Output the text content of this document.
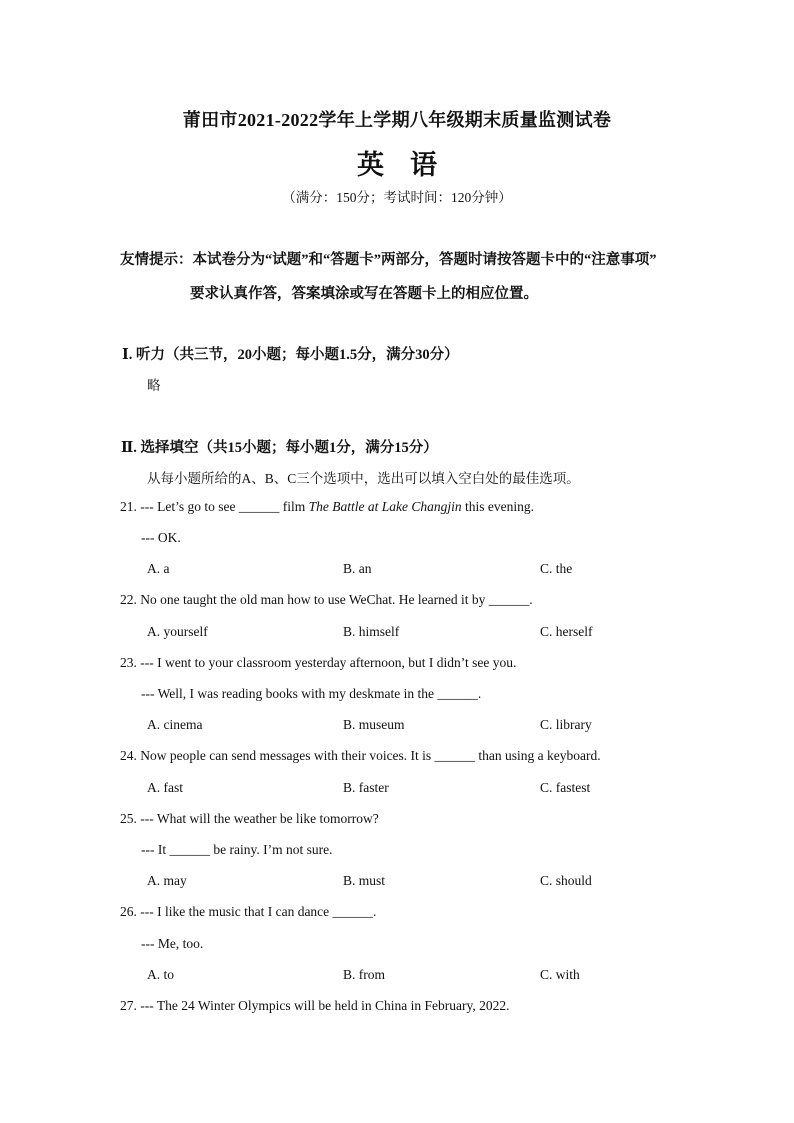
莆田市2021-2022学年上学期八年级期末质量监测试卷
英语
（满分：150分；考试时间：120分钟）
友情提示：本试卷分为“试题”和“答题卡”两部分，答题时请按答题卡中的“注意事项”
要求认真作答，答案填涂或写在答题卡上的相应位置。
Ⅰ. 听力（共三节，20小题；每小题1.5分，满分30分）
略
Ⅱ. 选择填空（共15小题；每小题1分，满分15分）
从每小题所给的A、B、C三个选项中，选出可以填入空白处的最佳选项。
21. --- Let’s go to see ______ film The Battle at Lake Changjin this evening.
--- OK.
A. a	B. an	C. the
22. No one taught the old man how to use WeChat. He learned it by ______.
A. yourself	B. himself	C. herself
23. --- I went to your classroom yesterday afternoon, but I didn’t see you.
--- Well, I was reading books with my deskmate in the ______.
A. cinema	B. museum	C. library
24. Now people can send messages with their voices. It is ______ than using a keyboard.
A. fast	B. faster	C. fastest
25. --- What will the weather be like tomorrow?
--- It ______ be rainy. I’m not sure.
A. may	B. must	C. should
26. --- I like the music that I can dance ______.
--- Me, too.
A. to	B. from	C. with
27. --- The 24 Winter Olympics will be held in China in February, 2022.
